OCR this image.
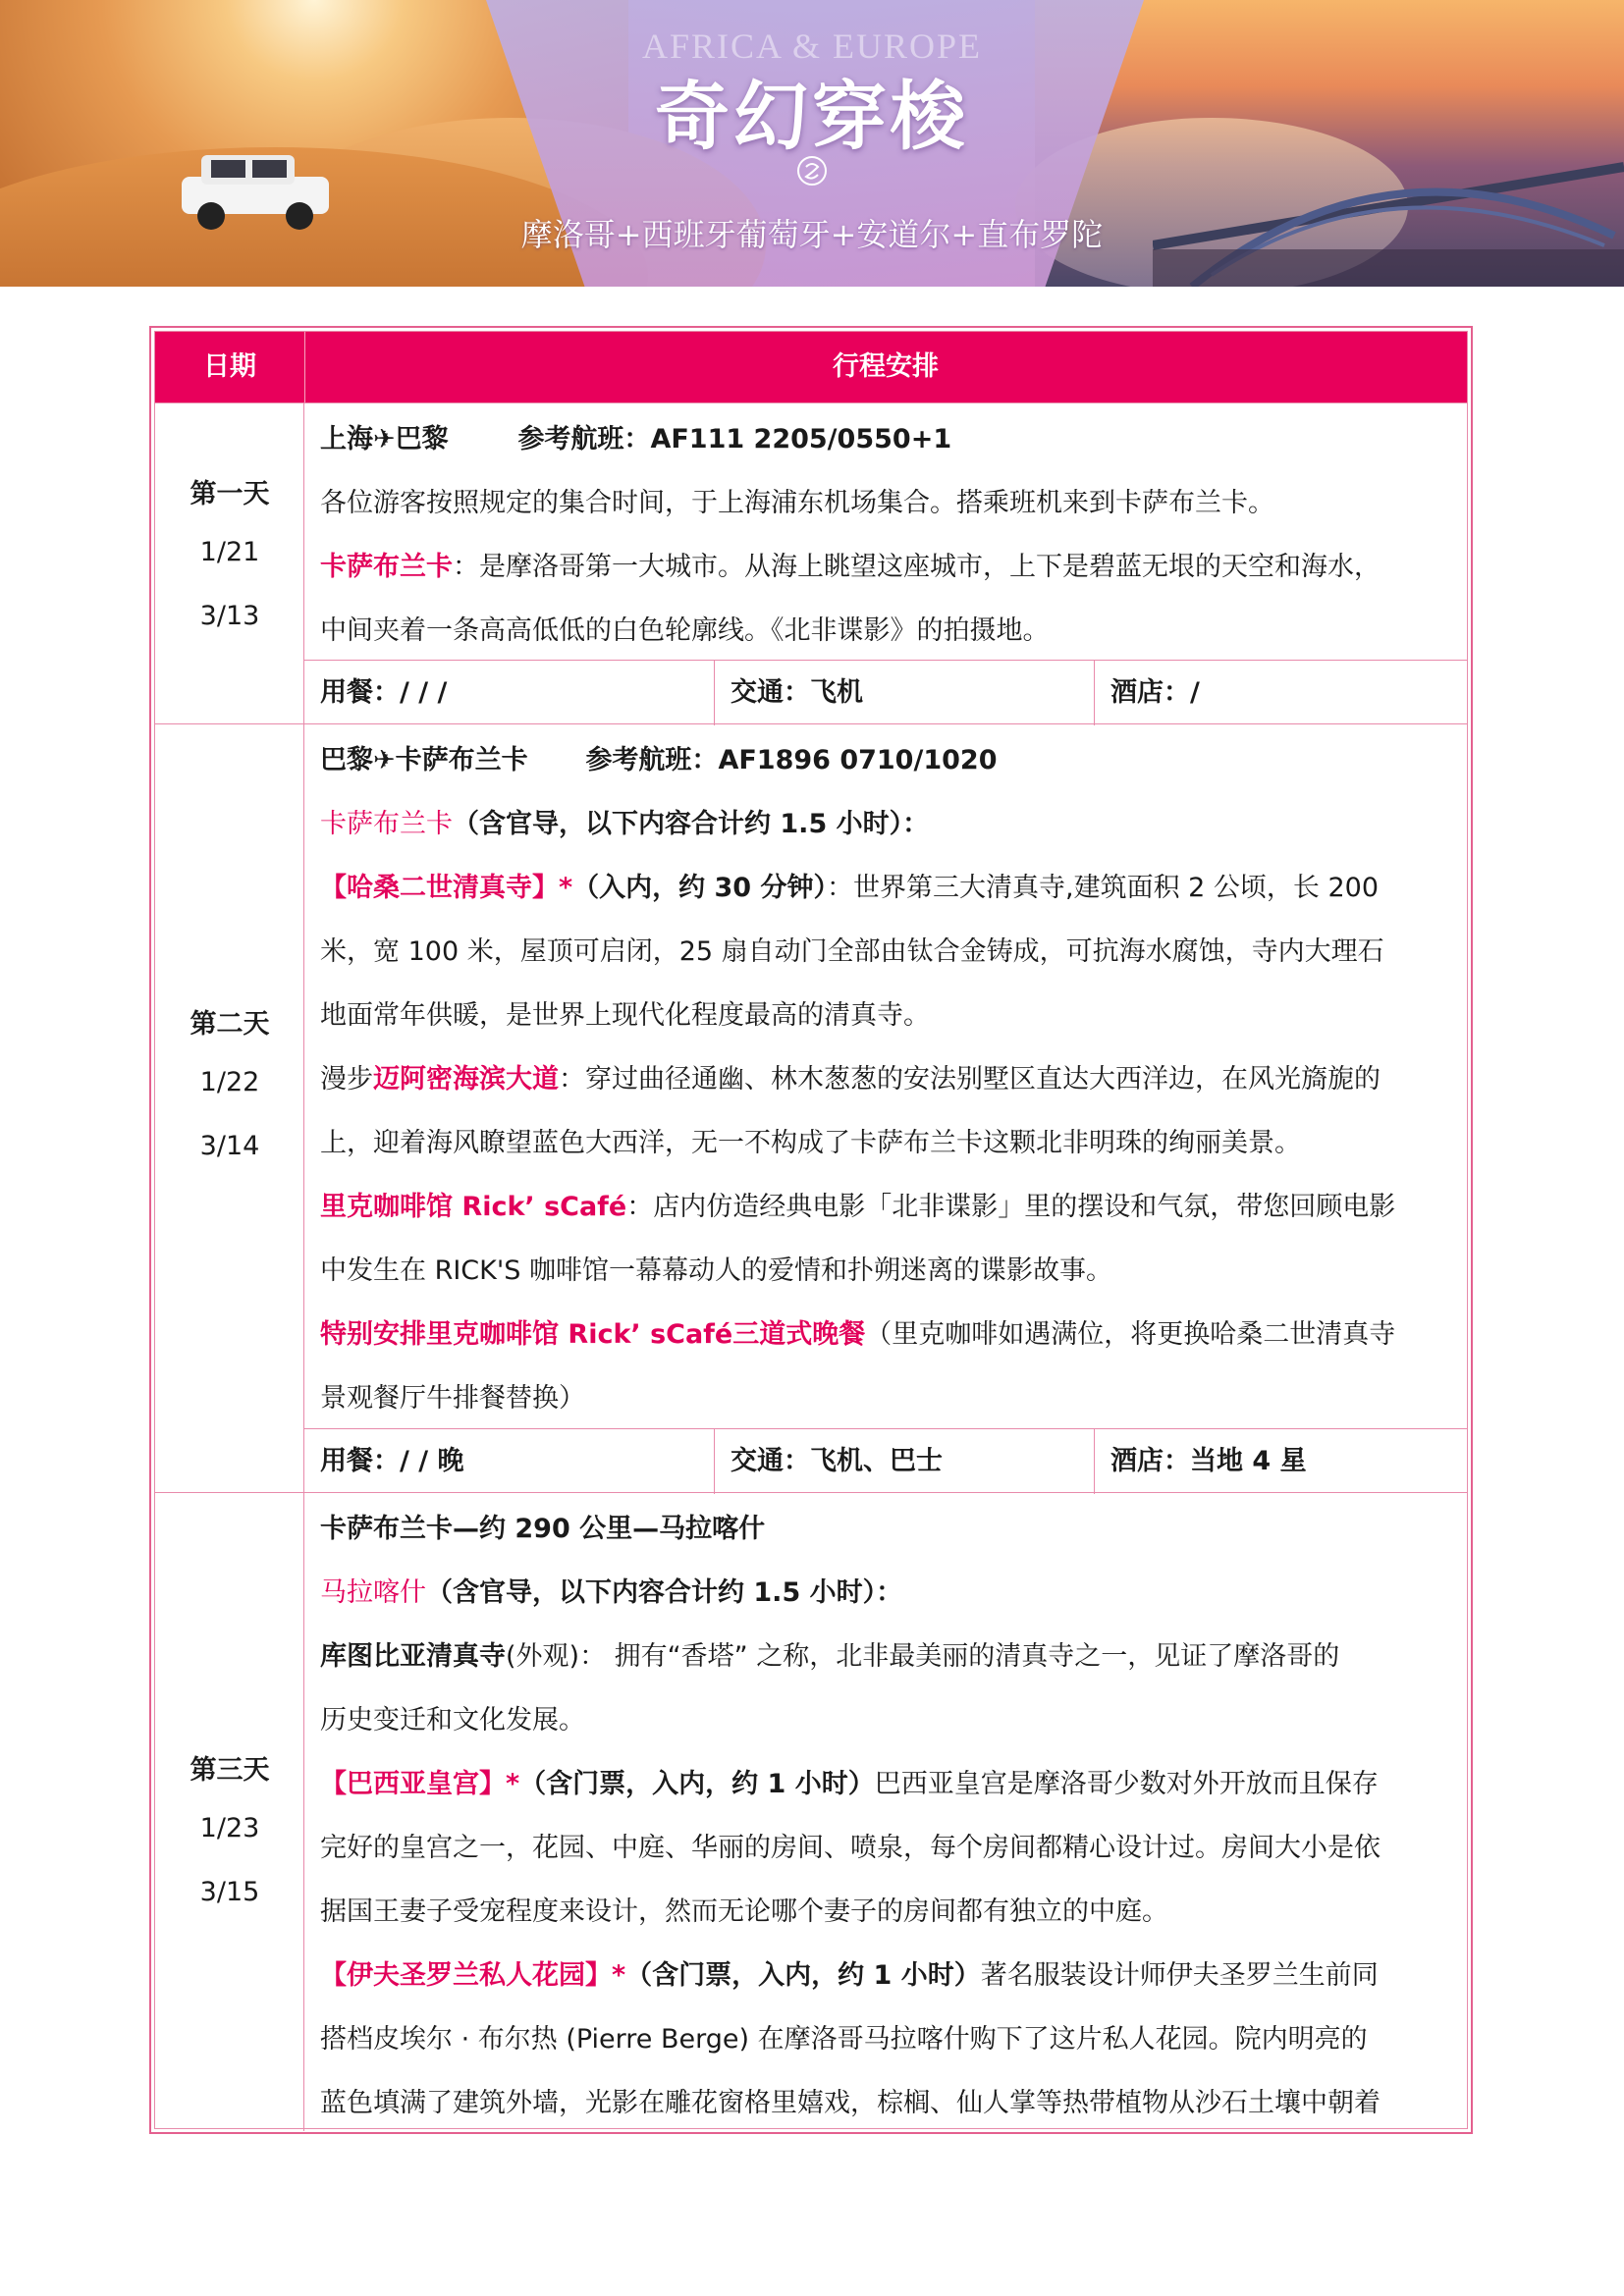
AFRICA & EUROPE
奇幻穿梭
摩洛哥+西班牙葡萄牙+安道尔+直布罗陀
日期	行程安排
第一天
1/21
3/13
上海✈巴黎	参考航班：AF111 2205/0550+1
各位游客按照规定的集合时间，于上海浦东机场集合。搭乘班机来到卡萨布兰卡。
卡萨布兰卡：是摩洛哥第一大城市。从海上眺望这座城市，上下是碧蓝无垠的天空和海水，
中间夹着一条高高低低的白色轮廓线。《北非谍影》的拍摄地。
用餐：/ / /	交通：飞机	酒店：/
第二天
1/22
3/14
巴黎✈卡萨布兰卡 参考航班：AF1896 0710/1020
卡萨布兰卡（含官导，以下内容合计约 1.5 小时）：
【哈桑二世清真寺】*（入内，约 30 分钟）：世界第三大清真寺,建筑面积 2 公顷，长 200
米，宽 100 米，屋顶可启闭，25 扇自动门全部由钛合金铸成，可抗海水腐蚀，寺内大理石
地面常年供暖，是世界上现代化程度最高的清真寺。
漫步迈阿密海滨大道：穿过曲径通幽、林木葱葱的安法别墅区直达大西洋边，在风光旖旎的
上，迎着海风瞭望蓝色大西洋，无一不构成了卡萨布兰卡这颗北非明珠的绚丽美景。
里克咖啡馆 Rick’ sCafé：店内仿造经典电影「北非谍影」里的摆设和气氛，带您回顾电影
中发生在 RICK'S 咖啡馆一幕幕动人的爱情和扑朔迷离的谍影故事。
特别安排里克咖啡馆 Rick’ sCafé三道式晚餐（里克咖啡如遇满位，将更换哈桑二世清真寺
景观餐厅牛排餐替换）
用餐：/ / 晚	交通：飞机、巴士	酒店：当地 4 星
第三天
1/23
3/15
卡萨布兰卡—约 290 公里—马拉喀什
马拉喀什（含官导，以下内容合计约 1.5 小时）：
库图比亚清真寺(外观)： 拥有“香塔” 之称，北非最美丽的清真寺之一，见证了摩洛哥的
历史变迁和文化发展。
【巴西亚皇宫】*（含门票，入内，约 1 小时）巴西亚皇宫是摩洛哥少数对外开放而且保存
完好的皇宫之一，花园、中庭、华丽的房间、喷泉，每个房间都精心设计过。房间大小是依
据国王妻子受宠程度来设计，然而无论哪个妻子的房间都有独立的中庭。
【伊夫圣罗兰私人花园】*（含门票，入内，约 1 小时）著名服装设计师伊夫圣罗兰生前同
搭档皮埃尔 · 布尔热 (Pierre Berge) 在摩洛哥马拉喀什购下了这片私人花园。院内明亮的
蓝色填满了建筑外墙，光影在雕花窗格里嬉戏，棕榈、仙人掌等热带植物从沙石土壤中朝着
